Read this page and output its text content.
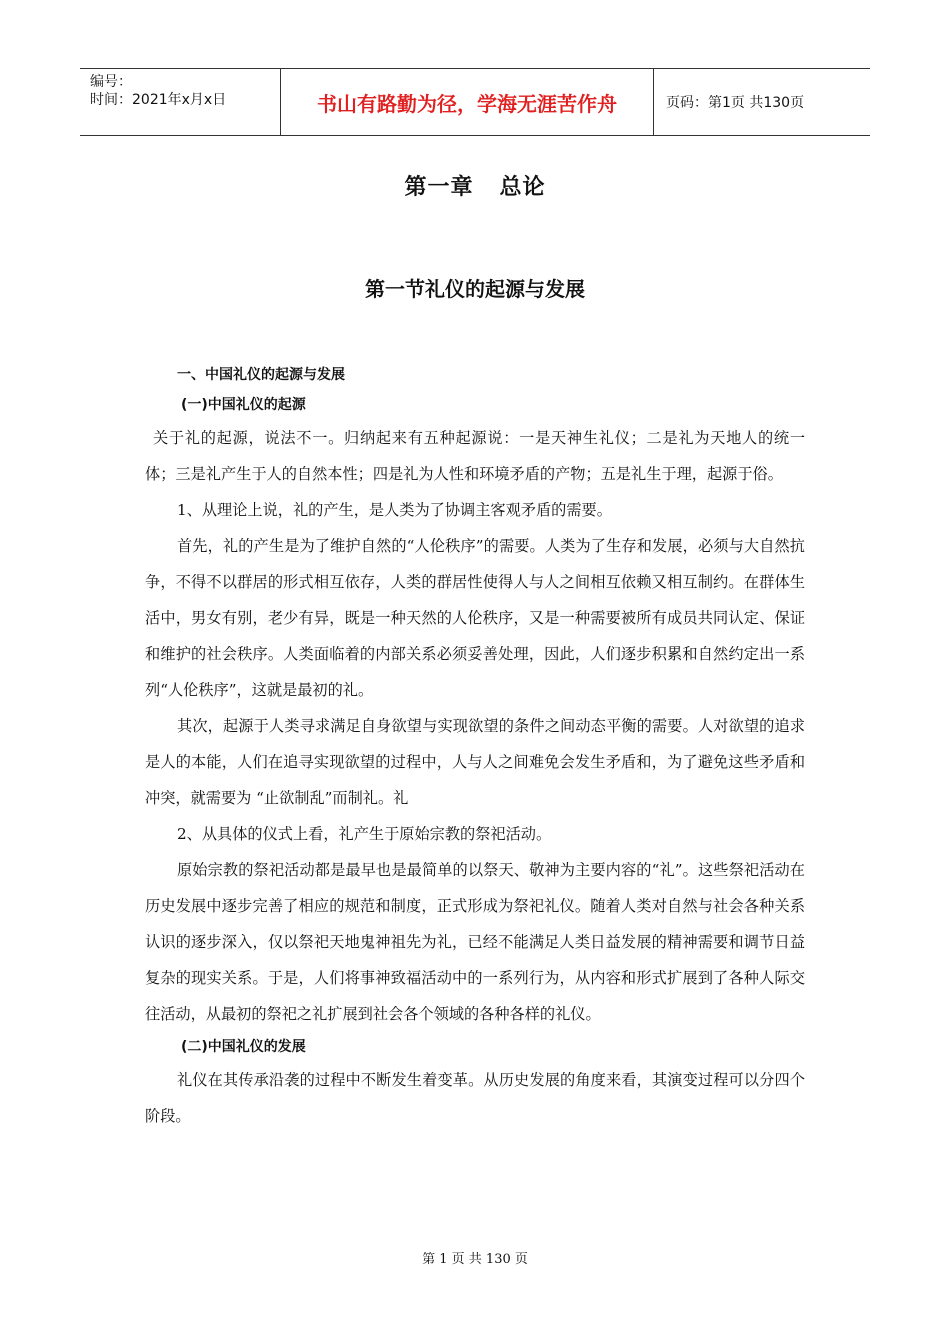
编号：
时间：2021年x月x日	书山有路勤为径，学海无涯苦作舟	页码：第1页 共130页
第一章 总论
第一节礼仪的起源与发展
一、中国礼仪的起源与发展
(一)中国礼仪的起源

关于礼的起源，说法不一。归纳起来有五种起源说：一是天神生礼仪；二是礼为天地人的统一体；三是礼产生于人的自然本性；四是礼为人性和环境矛盾的产物；五是礼生于理，起源于俗。

1、从理论上说，礼的产生，是人类为了协调主客观矛盾的需要。

首先，礼的产生是为了维护自然的“人伦秩序”的需要。人类为了生存和发展，必须与大自然抗争，不得不以群居的形式相互依存，人类的群居性使得人与人之间相互依赖又相互制约。在群体生活中，男女有别，老少有异，既是一种天然的人伦秩序，又是一种需要被所有成员共同认定、保证和维护的社会秩序。人类面临着的内部关系必须妥善处理，因此，人们逐步积累和自然约定出一系列“人伦秩序”，这就是最初的礼。

其次，起源于人类寻求满足自身欲望与实现欲望的条件之间动态平衡的需要。人对欲望的追求是人的本能，人们在追寻实现欲望的过程中，人与人之间难免会发生矛盾和，为了避免这些矛盾和冲突，就需要为 “止欲制乱”而制礼。礼

2、从具体的仪式上看，礼产生于原始宗教的祭祀活动。

原始宗教的祭祀活动都是最早也是最简单的以祭天、敬神为主要内容的“礼”。这些祭祀活动在历史发展中逐步完善了相应的规范和制度，正式形成为祭祀礼仪。随着人类对自然与社会各种关系认识的逐步深入，仅以祭祀天地鬼神祖先为礼，已经不能满足人类日益发展的精神需要和调节日益复杂的现实关系。于是，人们将事神致福活动中的一系列行为，从内容和形式扩展到了各种人际交往活动，从最初的祭祀之礼扩展到社会各个领域的各种各样的礼仪。

(二)中国礼仪的发展

礼仪在其传承沿袭的过程中不断发生着变革。从历史发展的角度来看，其演变过程可以分四个阶段。

第 1 页 共 130 页
